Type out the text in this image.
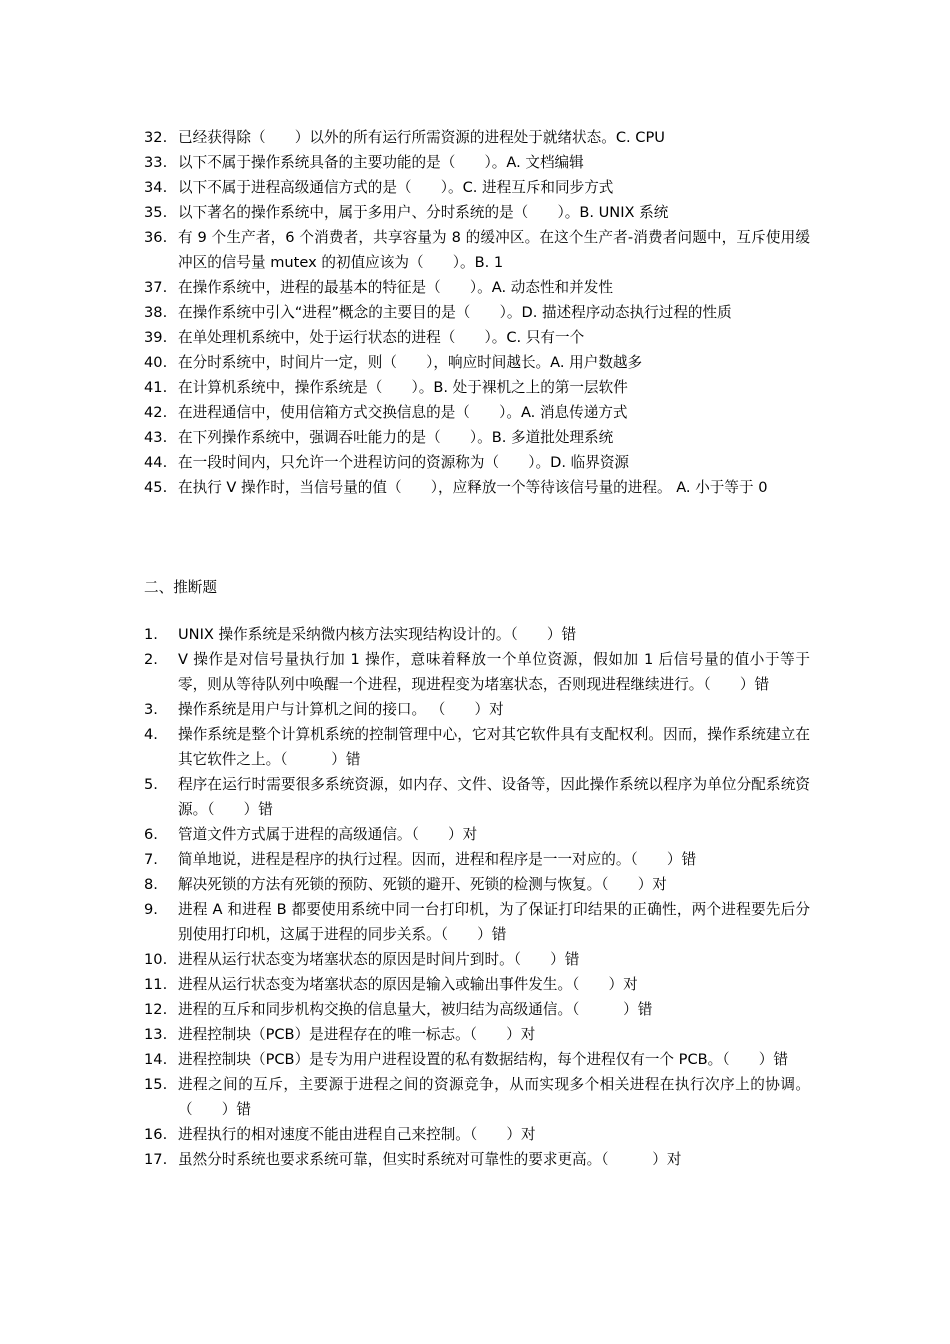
32. 已经获得除（　　）以外的所有运行所需资源的进程处于就绪状态。C. CPU
33. 以下不属于操作系统具备的主要功能的是（　　）。A. 文档编辑
34. 以下不属于进程高级通信方式的是（　　）。C. 进程互斥和同步方式
35. 以下著名的操作系统中，属于多用户、分时系统的是（　　）。B. UNIX 系统
36. 有 9 个生产者，6 个消费者，共享容量为 8 的缓冲区。在这个生产者-消费者问题中，互斥使用缓冲区的信号量 mutex 的初值应该为（　　）。B. 1
37. 在操作系统中，进程的最基本的特征是（　　）。A. 动态性和并发性
38. 在操作系统中引入“进程”概念的主要目的是（　　）。D. 描述程序动态执行过程的性质
39. 在单处理机系统中，处于运行状态的进程（　　）。C. 只有一个
40. 在分时系统中，时间片一定，则（　　），响应时间越长。A. 用户数越多
41. 在计算机系统中，操作系统是（　　）。B. 处于裸机之上的第一层软件
42. 在进程通信中，使用信箱方式交换信息的是（　　）。A. 消息传递方式
43. 在下列操作系统中，强调吞吐能力的是（　　）。B. 多道批处理系统
44. 在一段时间内，只允许一个进程访问的资源称为（　　）。D. 临界资源
45. 在执行 V 操作时，当信号量的值（　　），应释放一个等待该信号量的进程。 A. 小于等于 0
二、推断题
1. UNIX 操作系统是采纳微内核方法实现结构设计的。（　　）错
2. V 操作是对信号量执行加 1 操作，意味着释放一个单位资源，假如加 1 后信号量的值小于等于零，则从等待队列中唤醒一个进程，现进程变为堵塞状态，否则现进程继续进行。（　　）错
3. 操作系统是用户与计算机之间的接口。 （　　）对
4. 操作系统是整个计算机系统的控制管理中心，它对其它软件具有支配权利。因而，操作系统建立在其它软件之上。（　　　）错
5. 程序在运行时需要很多系统资源，如内存、文件、设备等，因此操作系统以程序为单位分配系统资源。（　　）错
6. 管道文件方式属于进程的高级通信。（　　）对
7. 简单地说，进程是程序的执行过程。因而，进程和程序是一一对应的。（　　）错
8. 解决死锁的方法有死锁的预防、死锁的避开、死锁的检测与恢复。（　　）对
9. 进程 A 和进程 B 都要使用系统中同一台打印机，为了保证打印结果的正确性，两个进程要先后分别使用打印机，这属于进程的同步关系。（　　）错
10. 进程从运行状态变为堵塞状态的原因是时间片到时。（　　）错
11. 进程从运行状态变为堵塞状态的原因是输入或输出事件发生。（　　）对
12. 进程的互斥和同步机构交换的信息量大，被归结为高级通信。（　　　）错
13. 进程控制块（PCB）是进程存在的唯一标志。（　　）对
14. 进程控制块（PCB）是专为用户进程设置的私有数据结构，每个进程仅有一个 PCB。（　　）错
15. 进程之间的互斥，主要源于进程之间的资源竞争，从而实现多个相关进程在执行次序上的协调。（　　）错
16. 进程执行的相对速度不能由进程自己来控制。（　　）对
17. 虽然分时系统也要求系统可靠，但实时系统对可靠性的要求更高。（　　　）对
